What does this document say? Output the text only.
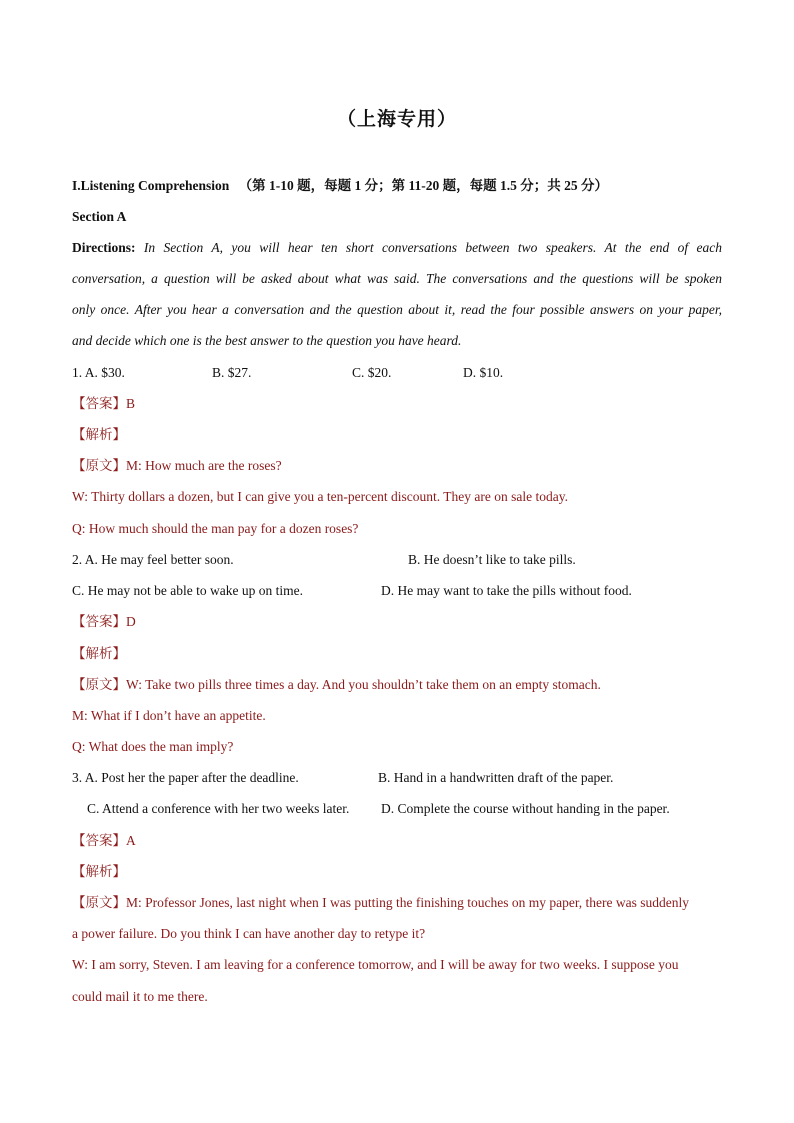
（上海专用）
I.Listening Comprehension （第 1-10 题，每题 1 分；第 11-20 题，每题 1.5 分；共 25 分）
Section A
Directions: In Section A, you will hear ten short conversations between two speakers. At the end of each
conversation, a question will be asked about what was said. The conversations and the questions will be spoken
only once. After you hear a conversation and the question about it, read the four possible answers on your paper,
and decide which one is the best answer to the question you have heard.
1. A. $30.	B. $27.	C. $20.	D. $10.
【答案】B
【解析】
【原文】M: How much are the roses?
W: Thirty dollars a dozen, but I can give you a ten-percent discount. They are on sale today.
Q: How much should the man pay for a dozen roses?
2. A. He may feel better soon.	B. He doesn’t like to take pills.
C. He may not be able to wake up on time.	D. He may want to take the pills without food.
【答案】D
【解析】
【原文】W: Take two pills three times a day. And you shouldn’t take them on an empty stomach.
M: What if I don’t have an appetite.
Q: What does the man imply?
3. A. Post her the paper after the deadline.	B. Hand in a handwritten draft of the paper.
C. Attend a conference with her two weeks later. D. Complete the course without handing in the paper.
【答案】A
【解析】
【原文】M: Professor Jones, last night when I was putting the finishing touches on my paper, there was suddenly
a power failure. Do you think I can have another day to retype it?
W: I am sorry, Steven. I am leaving for a conference tomorrow, and I will be away for two weeks. I suppose you
could mail it to me there.
